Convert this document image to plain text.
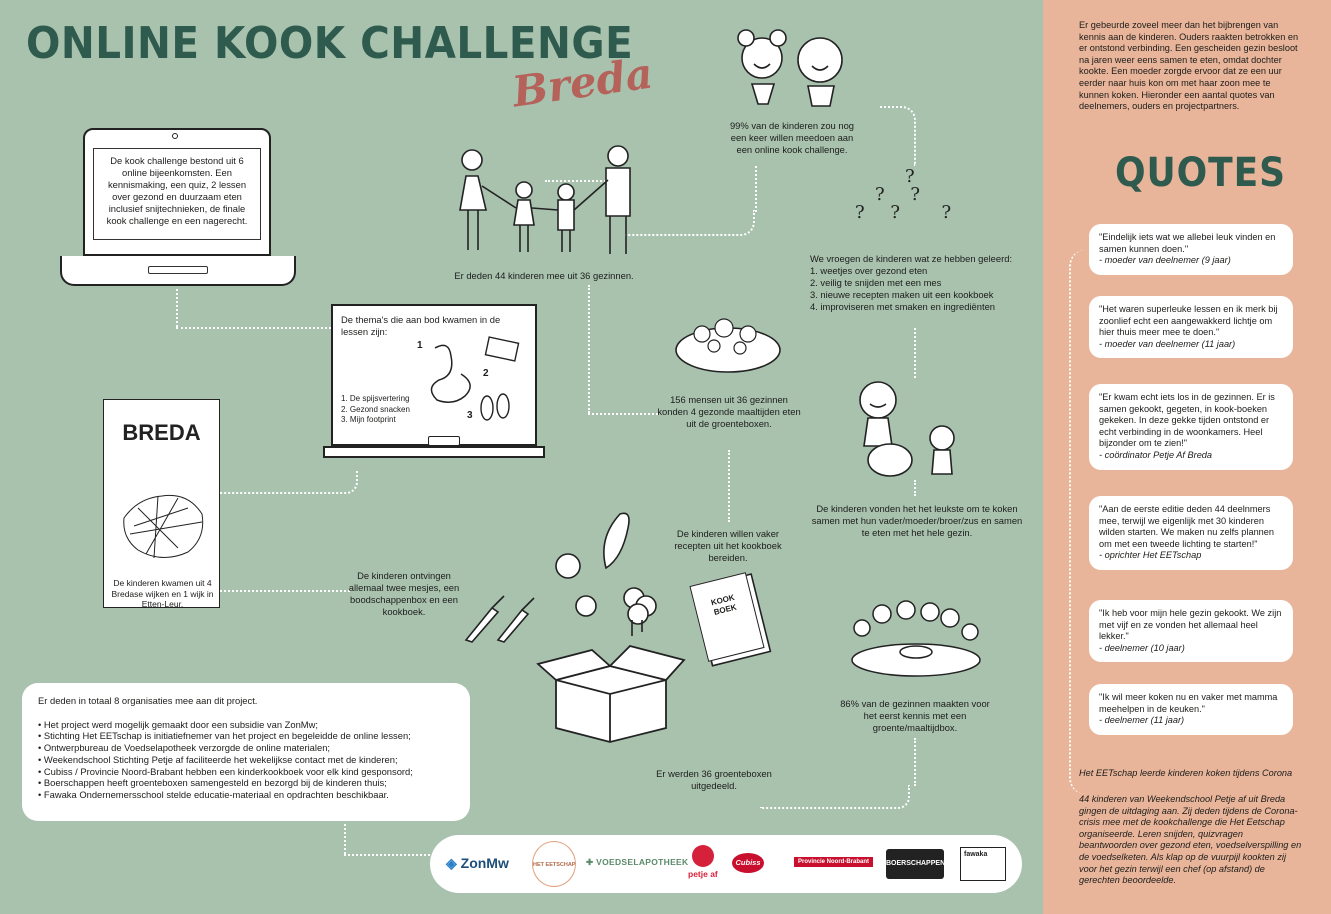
ONLINE KOOK CHALLENGE
Breda
De kook challenge bestond uit 6 online bijeenkomsten. Een kennismaking, een quiz, 2 lessen over gezond en duurzaam eten inclusief snijtechnieken, de finale kook challenge en een nagerecht.
Er deden 44 kinderen mee uit 36 gezinnen.
99% van de kinderen zou nog een keer willen meedoen aan een online kook challenge.
?
? ?
? ?  ?
We vroegen de kinderen wat ze hebben geleerd:
1. weetjes over gezond eten
2. veilig te snijden met een mes
3. nieuwe recepten maken uit een kookboek
4. improviseren met smaken en ingrediënten
De thema's die aan bod kwamen in de lessen zijn:
1
2
3
1. De spijsvertering
2. Gezond snacken
3. Mijn footprint
BREDA
De kinderen kwamen uit 4 Bredase wijken en 1 wijk in Etten-Leur.
156 mensen uit 36 gezinnen konden 4 gezonde maaltijden eten uit de groenteboxen.
De kinderen vonden het het leukste om te koken samen met hun vader/moeder/broer/zus en samen te eten met het hele gezin.
De kinderen ontvingen allemaal twee mesjes, een boodschappenbox en een kookboek.
KOOK BOEK
De kinderen willen vaker recepten uit het kookboek bereiden.
Er werden 36 groenteboxen uitgedeeld.
86% van de gezinnen maakten voor het eerst kennis met een groente/maaltijdbox.
Er deden in totaal 8 organisaties mee aan dit project.
• Het project werd mogelijk gemaakt door een subsidie van ZonMw;
• Stichting Het EETschap is initiatiefnemer van het project en begeleidde de online lessen;
• Ontwerpbureau de Voedselapotheek verzorgde de online materialen;
• Weekendschool Stichting Petje af faciliteerde het wekelijkse contact met de kinderen;
• Cubiss / Provincie Noord-Brabant hebben een kinderkookboek voor elk kind gesponsord;
• Boerschappen heeft groenteboxen samengesteld en bezorgd bij de kinderen thuis;
• Fawaka Ondernemersschool stelde educatie-materiaal en opdrachten beschikbaar.
◈ ZonMw	HET EETSCHAP ✚ VOEDSELAPOTHEEK
petje af
Cubiss	Provincie Noord-Brabant	BOERSCHAPPEN
fawaka
Er gebeurde zoveel meer dan het bijbrengen van kennis aan de kinderen. Ouders raakten betrokken en er ontstond verbinding. Een gescheiden gezin besloot na jaren weer eens samen te eten, omdat dochter kookte. Een moeder zorgde ervoor dat ze een uur eerder naar huis kon om met haar zoon mee te kunnen koken. Hieronder een aantal quotes van deelnemers, ouders en projectpartners.
QUOTES
"Eindelijk iets wat we allebei leuk vinden en samen kunnen doen."
- moeder van deelnemer (9 jaar)
"Het waren superleuke lessen en ik merk bij zoonlief echt een aangewakkerd lichtje om hier thuis meer mee te doen."
- moeder van deelnemer (11 jaar)
"Er kwam echt iets los in de gezinnen. Er is samen gekookt, gegeten, in kook-boeken gekeken. In deze gekke tijden ontstond er echt verbinding in de woonkamers. Heel bijzonder om te zien!"
- coördinator Petje Af Breda
"Aan de eerste editie deden 44 deelnmers mee, terwijl we eigenlijk met 30 kinderen wilden starten. We maken nu zelfs plannen om met een tweede lichting te starten!"
- oprichter Het EETschap
"Ik heb voor mijn hele gezin gekookt. We zijn met vijf en ze vonden het allemaal heel lekker."
- deelnemer (10 jaar)
"Ik wil meer koken nu en vaker met mamma meehelpen in de keuken."
- deelnemer (11 jaar)
Het EETschap leerde kinderen koken tijdens Corona
44 kinderen van Weekendschool Petje af uit Breda gingen de uitdaging aan. Zij deden tijdens de Corona-crisis mee met de kookchallenge die Het Eetschap organiseerde. Leren snijden, quizvragen beantwoorden over gezond eten, voedselverspilling en de voedselketen. Als klap op de vuurpijl kookten zij voor het gezin terwijl een chef (op afstand) de gerechten beoordeelde.
